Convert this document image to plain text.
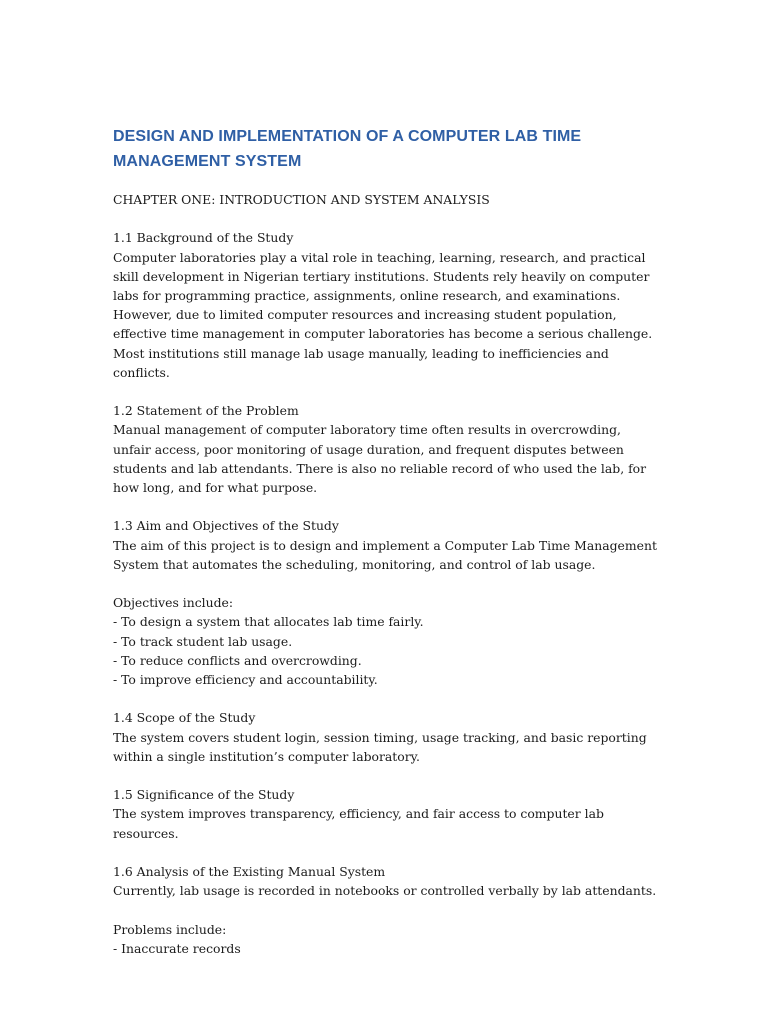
DESIGN AND IMPLEMENTATION OF A COMPUTER LAB TIME MANAGEMENT SYSTEM

CHAPTER ONE: INTRODUCTION AND SYSTEM ANALYSIS

1.1 Background of the Study
Computer laboratories play a vital role in teaching, learning, research, and practical skill development in Nigerian tertiary institutions. Students rely heavily on computer labs for programming practice, assignments, online research, and examinations. However, due to limited computer resources and increasing student population, effective time management in computer laboratories has become a serious challenge. Most institutions still manage lab usage manually, leading to inefficiencies and conflicts.
1.2 Statement of the Problem
Manual management of computer laboratory time often results in overcrowding, unfair access, poor monitoring of usage duration, and frequent disputes between students and lab attendants. There is also no reliable record of who used the lab, for how long, and for what purpose.
1.3 Aim and Objectives of the Study
The aim of this project is to design and implement a Computer Lab Time Management System that automates the scheduling, monitoring, and control of lab usage.
Objectives include:
- To design a system that allocates lab time fairly.
- To track student lab usage.
- To reduce conflicts and overcrowding.
- To improve efficiency and accountability.
1.4 Scope of the Study
The system covers student login, session timing, usage tracking, and basic reporting within a single institution’s computer laboratory.
1.5 Significance of the Study
The system improves transparency, efficiency, and fair access to computer lab resources.
1.6 Analysis of the Existing Manual System
Currently, lab usage is recorded in notebooks or controlled verbally by lab attendants.
Problems include:
- Inaccurate records
